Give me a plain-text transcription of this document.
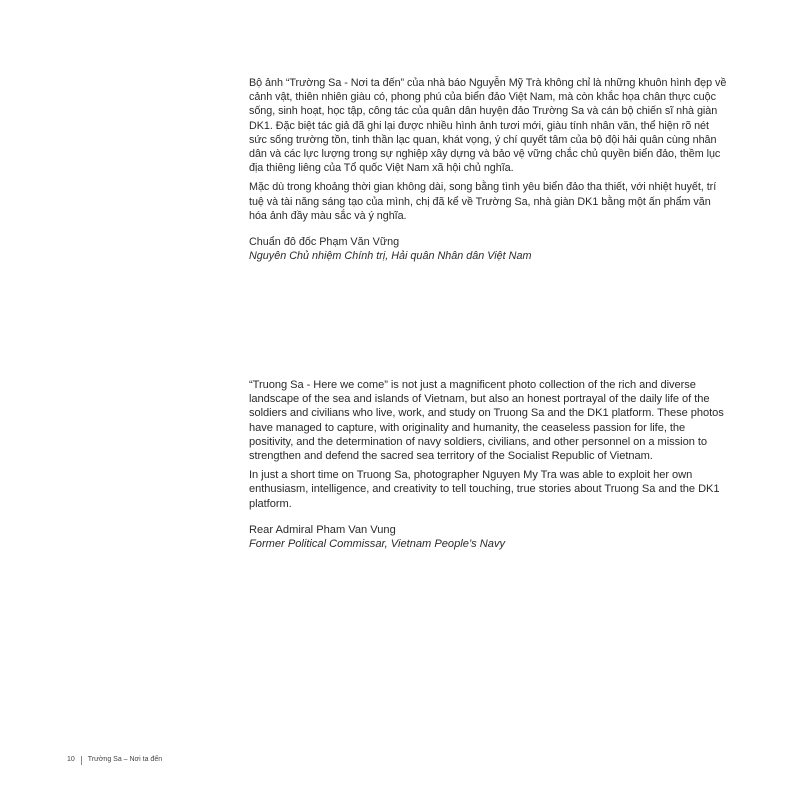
Bộ ảnh “Trường Sa - Nơi ta đến” của nhà báo Nguyễn Mỹ Trà không chỉ là những khuôn hình đẹp về cảnh vật, thiên nhiên giàu có, phong phú của biển đảo Việt Nam, mà còn khắc họa chân thực cuộc sống, sinh hoạt, học tập, công tác của quân dân huyện đảo Trường Sa và cán bộ chiến sĩ nhà giàn DK1. Đặc biệt tác giả đã ghi lại được nhiều hình ảnh tươi mới, giàu tính nhân văn, thể hiện rõ nét sức sống trường tồn, tinh thần lạc quan, khát vọng, ý chí quyết tâm của bộ đội hải quân cùng nhân dân và các lực lượng trong sự nghiệp xây dựng và bảo vệ vững chắc chủ quyền biển đảo, thềm lục địa thiêng liêng của Tổ quốc Việt Nam xã hội chủ nghĩa.

Mặc dù trong khoảng thời gian không dài, song bằng tình yêu biển đảo tha thiết, với nhiệt huyết, trí tuệ và tài năng sáng tạo của mình, chị đã kể về Trường Sa, nhà giàn DK1 bằng một ấn phẩm văn hóa ảnh đầy màu sắc và ý nghĩa.

Chuẩn đô đốc Phạm Văn Vững
Nguyên Chủ nhiệm Chính trị, Hải quân Nhân dân Việt Nam

“Truong Sa - Here we come” is not just a magnificent photo collection of the rich and diverse landscape of the sea and islands of Vietnam, but also an honest portrayal of the daily life of the soldiers and civilians who live, work, and study on Truong Sa and the DK1 platform. These photos have managed to capture, with originality and humanity, the ceaseless passion for life, the positivity, and the determination of navy soldiers, civilians, and other personnel on a mission to strengthen and defend the sacred sea territory of the Socialist Republic of Vietnam.

In just a short time on Truong Sa, photographer Nguyen My Tra was able to exploit her own enthusiasm, intelligence, and creativity to tell touching, true stories about Truong Sa and the DK1 platform.

Rear Admiral Pham Van Vung
Former Political Commissar, Vietnam People’s Navy
10 Trường Sa – Nơi ta đến
